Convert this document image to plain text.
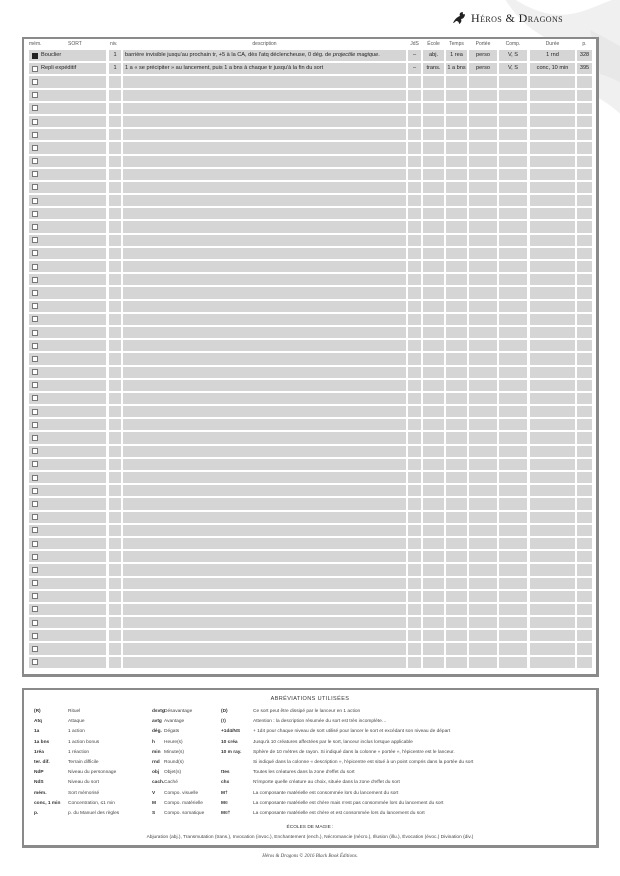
Héros & Dragons
mém.	SORT	niv.	description	JdS	École	Temps	Portée	Comp.	Durée	p.
Bouclier	1	barrière invisible jusqu'au prochain tr, +5 à la CA, dès l'atq déclencheuse, 0 dég. de projectile magique.	–	abj.	1 rea	perso	V, S	1 rnd	328
Repli expéditif	1	1 a « se précipiter » au lancement, puis 1 a bns à chaque tr jusqu'à la fin du sort	–	trans.	1 a bns	perso	V, S	conc, 10 min	395
ABRÉVIATIONS UTILISÉES
(R)	Rituel	dsvtg Désavantage	(D)	Ce sort peut être dissipé par le lanceur en 1 action
Atq	Attaque	avtg Avantage	(!)	Attention : la description résumée du sort est très incomplète…
1a	1 action	dég. Dégats	+1d4/NS	+ 1d4 pour chaque niveau de sort utilisé pour lancer le sort et excédant son niveau de départ
1a bns	1 action bonus	h Heure(s)	10 créa	Jusqu'à 10 créatures affectées par le sort, lanceur inclus lorsque applicable
1réa	1 réaction	min Minute(s)	10 m ray. Sphère de 10 mètres de rayon. Si indiqué dans la colonne « portée », l'épicentre est le lanceur.
ter. dif.	Terrain difficile	rnd Round(s)	Si indiqué dans la colonne « description », l'épicentre est situé à un point compris dans la portée du sort
NdP	Niveau du personnage	obj Objet(s)	ttes	Toutes les créatures dans la zone d'effet du sort
NdS	Niveau du sort	cach. Caché	chx	N'importe quelle créature au choix, située dans la zone d'effet du sort
mém.	Sort mémorisé	V Compo. visuelle	M†	La composante matérielle est consommée lors du lancement du sort
conc, 1 min Concentration, ≤1 min	M Compo. matérielle	M¤	La composante matérielle est chère mais n'est pas consommée lors du lancement du sort
p.	p. du Manuel des règles	S Compo. somatique	M¤†	La composante matérielle est chère et est consommée lors du lancement du sort
ÉCOLES DE MAGIE :
Abjuration (abj.), Transmutation (trans.), Invocation (invoc.), Enchantement (ench.), Nécromancie (nécro.), Illusion (illu.), Évocation (évoc.) Divination (div.)
Héros & Dragons © 2016 Black Book Éditions.
